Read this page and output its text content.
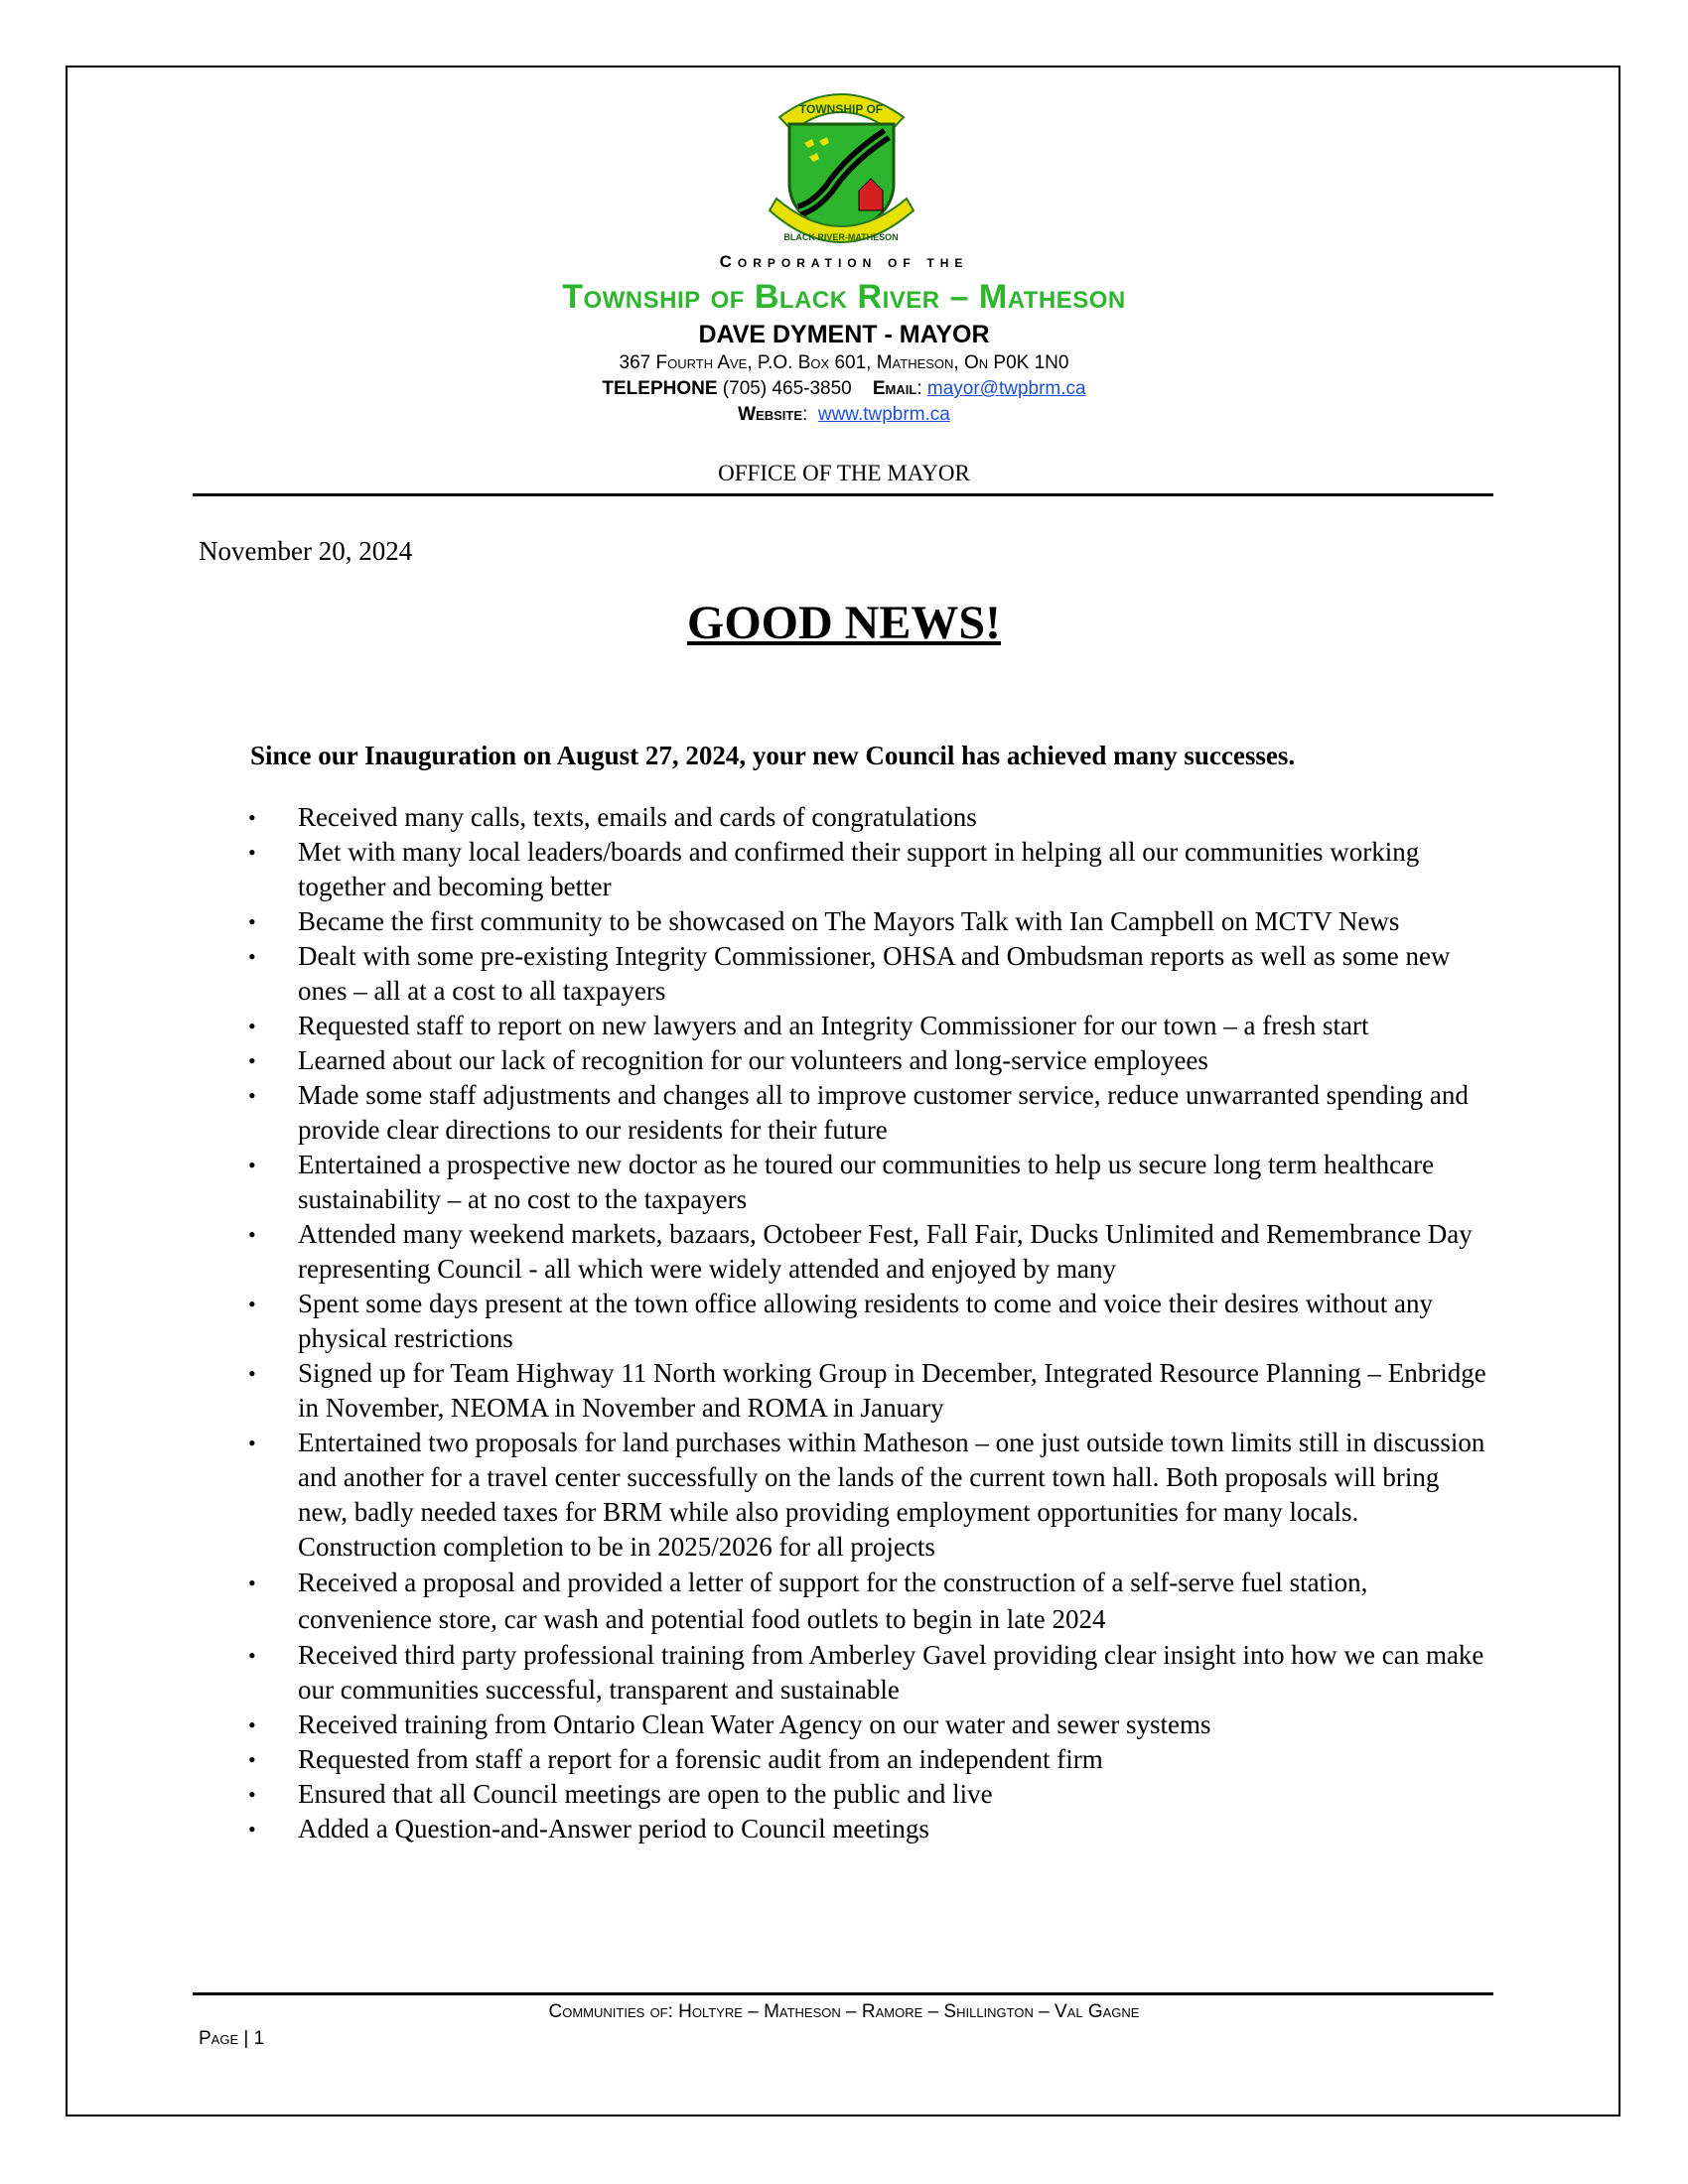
TOWNSHIP OF
BLACK RIVER-MATHESON
Corporation of the
Township of Black River – Matheson
DAVE DYMENT - MAYOR
367 Fourth Ave, P.O. Box 601, Matheson, On P0K 1N0
TELEPHONE (705) 465-3850 Email: mayor@twpbrm.ca
Website:  www.twpbrm.ca
OFFICE OF THE MAYOR
November 20, 2024
GOOD NEWS!
Since our Inauguration on August 27, 2024, your new Council has achieved many successes.
•	Received many calls, texts, emails and cards of congratulations
•	Met with many local leaders/boards and confirmed their support in helping all our communities working together and becoming better
•	Became the first community to be showcased on The Mayors Talk with Ian Campbell on MCTV News
•	Dealt with some pre-existing Integrity Commissioner, OHSA and Ombudsman reports as well as some new ones – all at a cost to all taxpayers
•	Requested staff to report on new lawyers and an Integrity Commissioner for our town – a fresh start
•	Learned about our lack of recognition for our volunteers and long-service employees
•	Made some staff adjustments and changes all to improve customer service, reduce unwarranted spending and provide clear directions to our residents for their future
•	Entertained a prospective new doctor as he toured our communities to help us secure long term healthcare sustainability – at no cost to the taxpayers
•	Attended many weekend markets, bazaars, Octobeer Fest, Fall Fair, Ducks Unlimited and Remembrance Day representing Council - all which were widely attended and enjoyed by many
•	Spent some days present at the town office allowing residents to come and voice their desires without any physical restrictions
•	Signed up for Team Highway 11 North working Group in December, Integrated Resource Planning – Enbridge in November, NEOMA in November and ROMA in January
•	Entertained two proposals for land purchases within Matheson – one just outside town limits still in discussion and another for a travel center successfully on the lands of the current town hall. Both proposals will bring new, badly needed taxes for BRM while also providing employment opportunities for many locals. Construction completion to be in 2025/2026 for all projects
•	Received a proposal and provided a letter of support for the construction of a self-serve fuel station, convenience store, car wash and potential food outlets to begin in late 2024
•	Received third party professional training from Amberley Gavel providing clear insight into how we can make our communities successful, transparent and sustainable
•	Received training from Ontario Clean Water Agency on our water and sewer systems
•	Requested from staff a report for a forensic audit from an independent firm
•	Ensured that all Council meetings are open to the public and live
•	Added a Question-and-Answer period to Council meetings
Communities of: Holtyre – Matheson – Ramore – Shillington – Val Gagne
Page | 1
